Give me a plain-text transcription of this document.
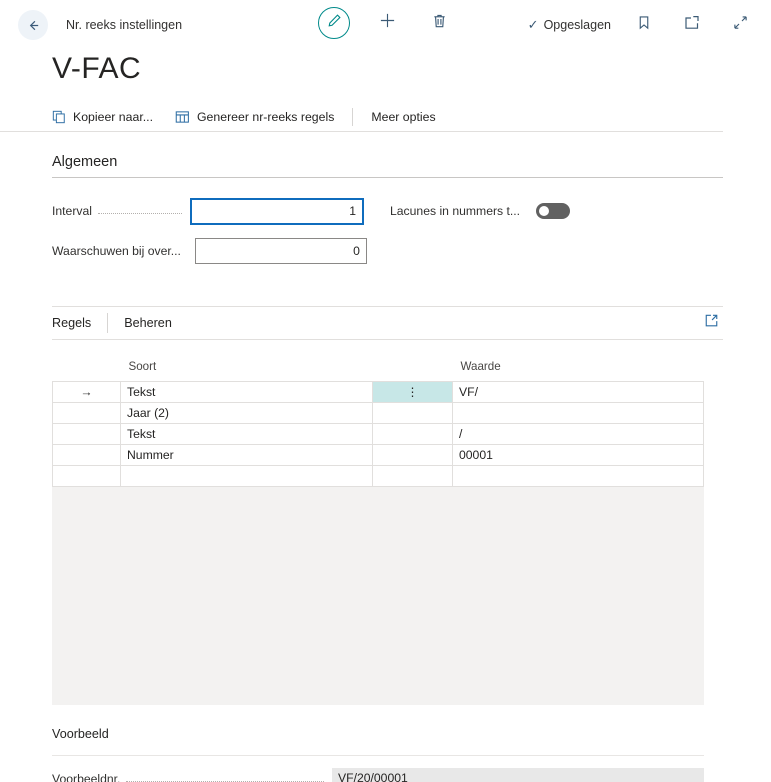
Nr. reeks instellingen	✓ Opgeslagen
V-FAC
Kopieer naar...	Genereer nr-reeks regels	Meer opties
Algemeen
Interval
1
Waarschuwen bij over...
0
Lacunes in nummers t...
Regels	Beheren
	Soort		Waarde
→	Tekst	⋮	VF/
	Jaar (2)		
	Tekst		/
	Nummer		00001

Voorbeeld
Voorbeeldnr.	VF/20/00001
